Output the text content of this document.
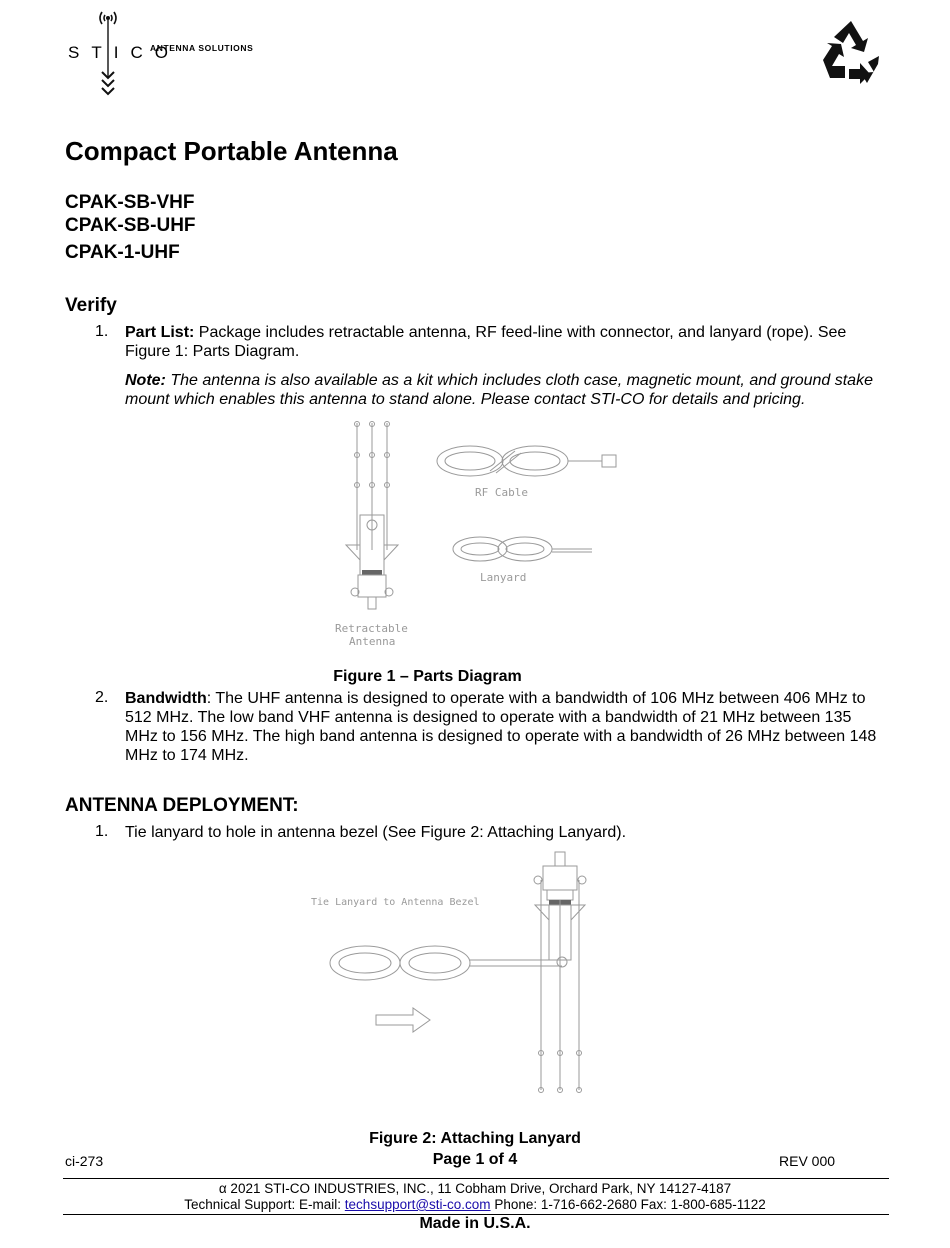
STICO
ANTENNA SOLUTIONS
Compact Portable Antenna
CPAK-SB-VHF
CPAK-SB-UHF
CPAK-1-UHF
Verify
1. Part List: Package includes retractable antenna, RF feed-line with connector, and lanyard (rope). See Figure 1: Parts Diagram.
Note: The antenna is also available as a kit which includes cloth case, magnetic mount, and ground stake mount which enables this antenna to stand alone. Please contact STI-CO for details and pricing.
RF Cable
Lanyard
Retractable
Antenna
Figure 1 – Parts Diagram
2. Bandwidth: The UHF antenna is designed to operate with a bandwidth of 106 MHz between 406 MHz to 512 MHz. The low band VHF antenna is designed to operate with a bandwidth of 21 MHz between 135 MHz to 156 MHz. The high band antenna is designed to operate with a bandwidth of 26 MHz between 148 MHz to 174 MHz.
ANTENNA DEPLOYMENT:
1. Tie lanyard to hole in antenna bezel (See Figure 2: Attaching Lanyard).
Tie Lanyard to Antenna Bezel
Figure 2: Attaching Lanyard
ci-273	Page 1 of 4	REV 000
α 2021 STI-CO INDUSTRIES, INC., 11 Cobham Drive, Orchard Park, NY 14127-4187
Technical Support: E-mail: techsupport@sti-co.com Phone: 1-716-662-2680 Fax: 1-800-685-1122
Made in U.S.A.
